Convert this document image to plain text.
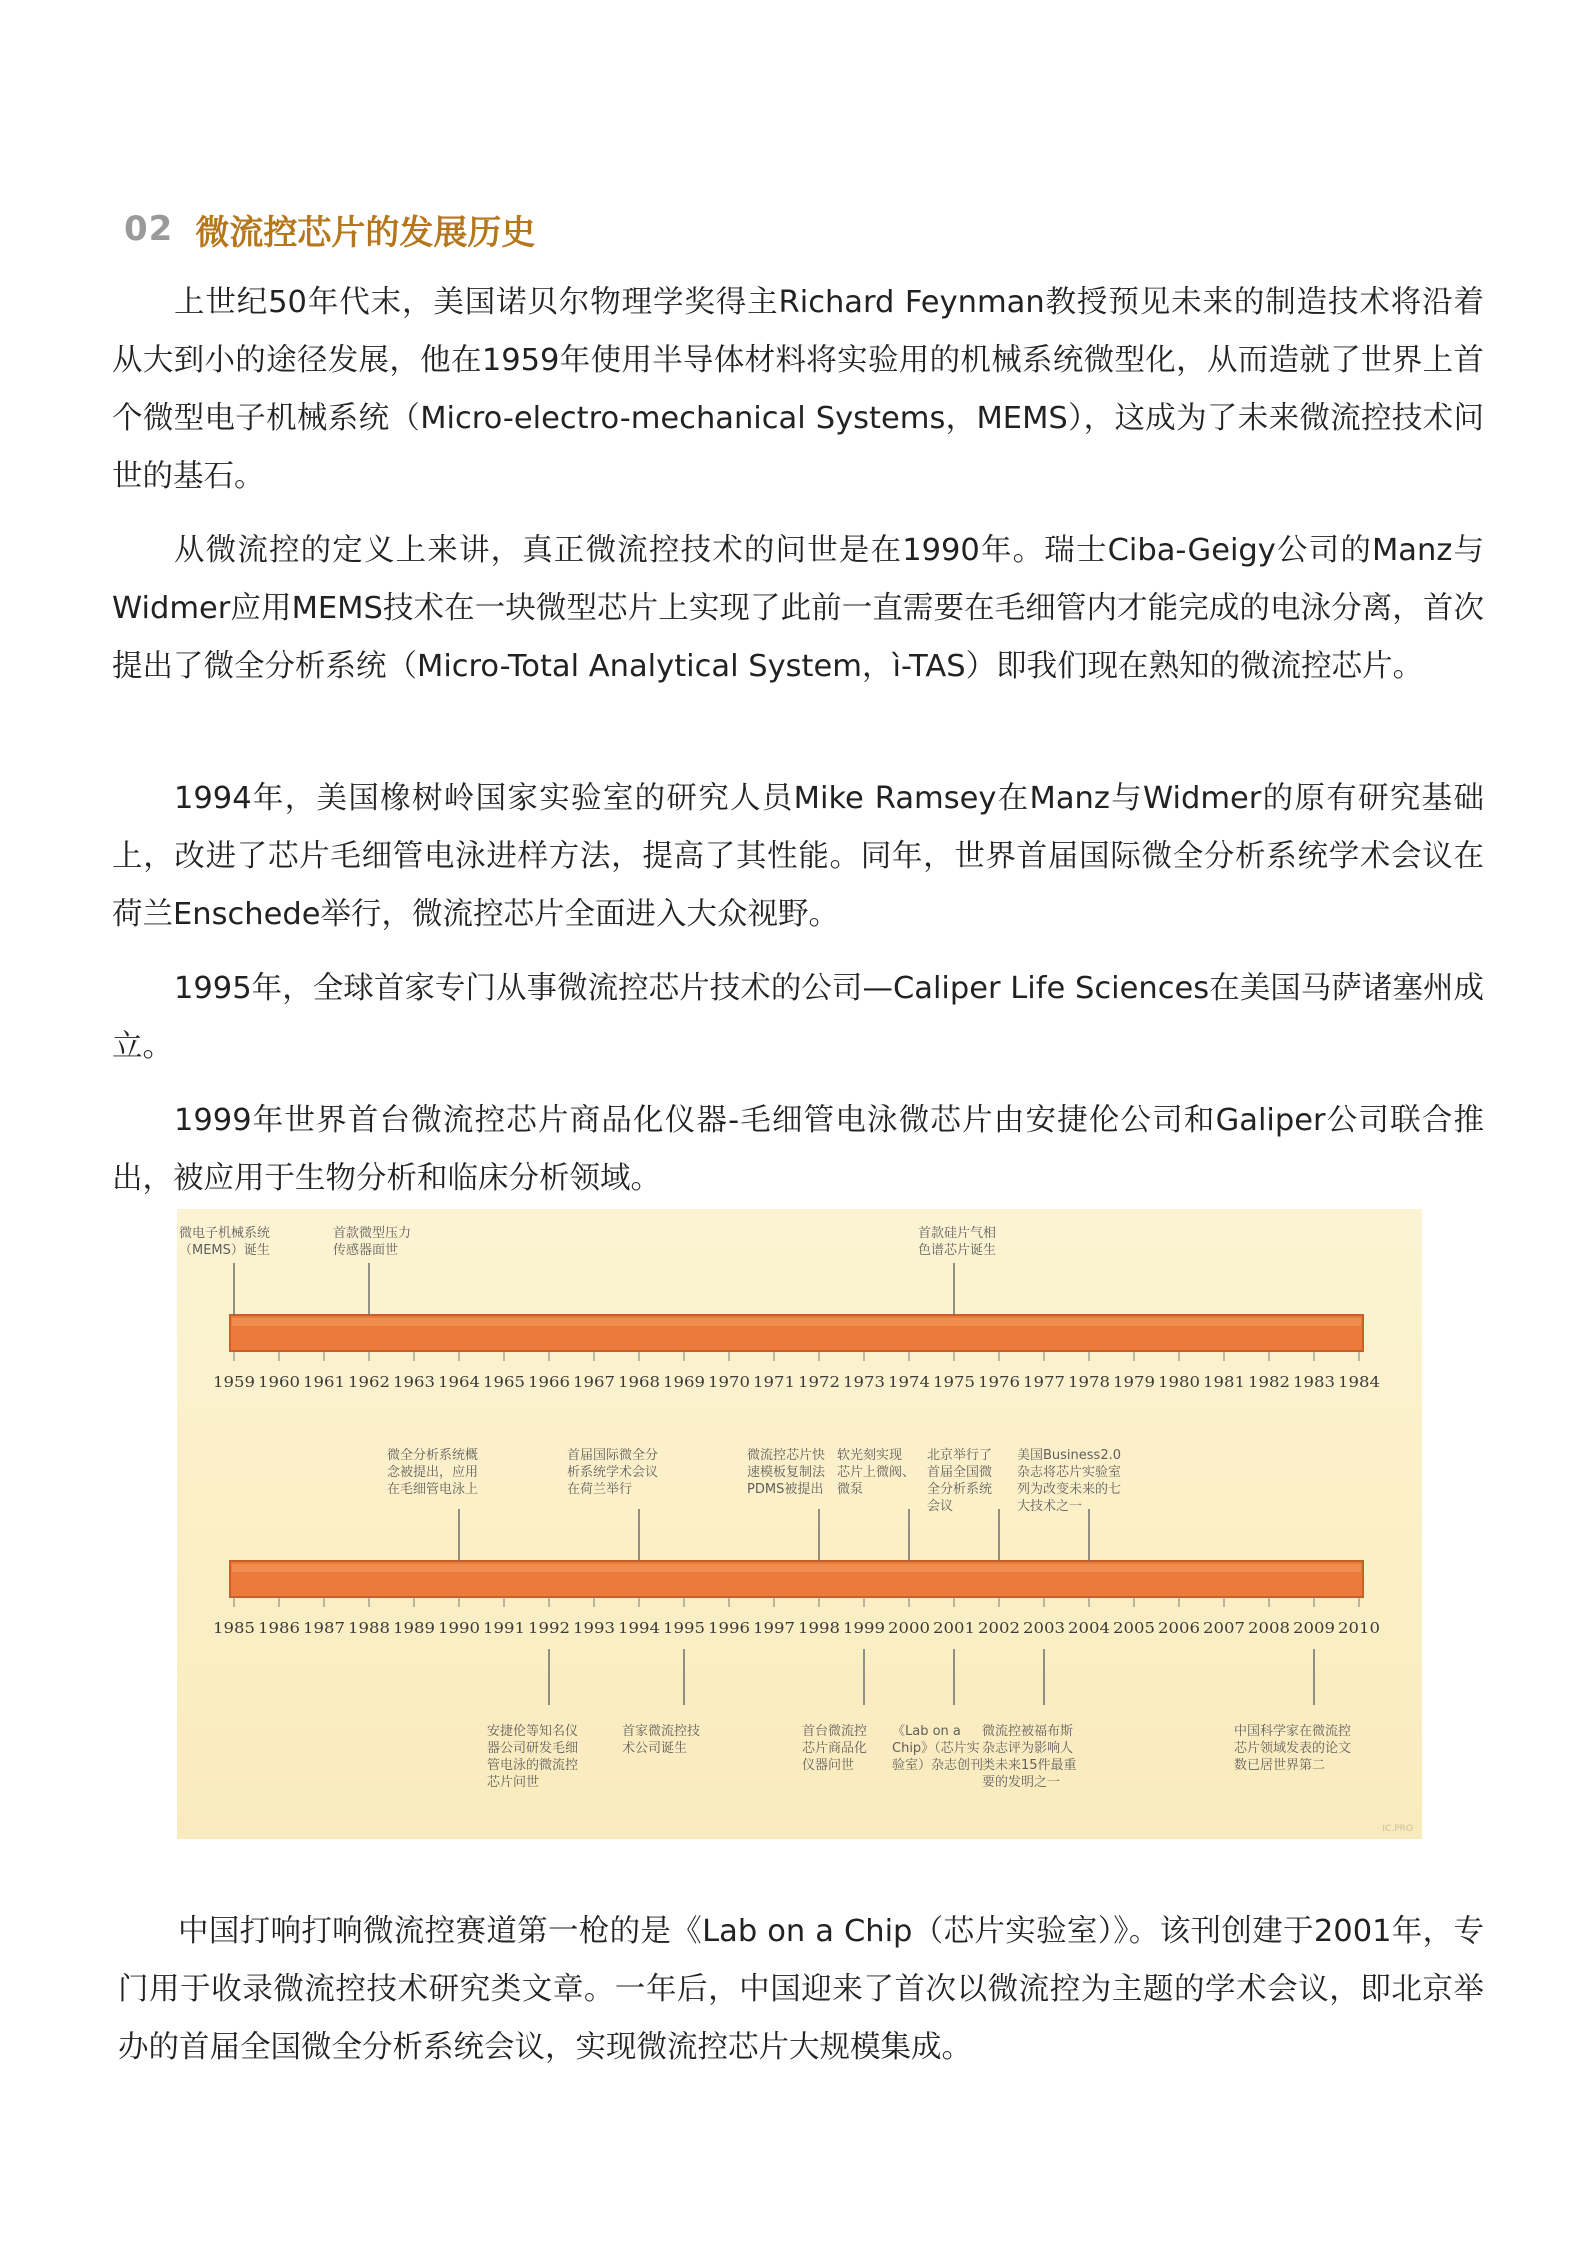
02 微流控芯片的发展历史

上世纪50年代末，美国诺贝尔物理学奖得主Richard Feynman教授预见未来的制造技术将沿着从大到小的途径发展，他在1959年使用半导体材料将实验用的机械系统微型化，从而造就了世界上首个微型电子机械系统（Micro-electro-mechanical Systems，MEMS），这成为了未来微流控技术问世的基石。

从微流控的定义上来讲，真正微流控技术的问世是在1990年。瑞士Ciba-Geigy公司的Manz与Widmer应用MEMS技术在一块微型芯片上实现了此前一直需要在毛细管内才能完成的电泳分离，首次提出了微全分析系统（Micro-Total Analytical System，ì-TAS）即我们现在熟知的微流控芯片。

1994年，美国橡树岭国家实验室的研究人员Mike Ramsey在Manz与Widmer的原有研究基础上，改进了芯片毛细管电泳进样方法，提高了其性能。同年，世界首届国际微全分析系统学术会议在荷兰Enschede举行，微流控芯片全面进入大众视野。

1995年，全球首家专门从事微流控芯片技术的公司—Caliper Life Sciences在美国马萨诸塞州成立。

1999年世界首台微流控芯片商品化仪器-毛细管电泳微芯片由安捷伦公司和Galiper公司联合推出，被应用于生物分析和临床分析领域。

1959 1960 1961 1962 1963 1964 1965 1966 1967 1968 1969 1970 1971 1972 1973 1974 1975 1976 1977 1978 1979 1980 1981 1982 1983 1984
微电子机械系统
（MEMS）诞生
首款微型压力
传感器面世
首款硅片气相
色谱芯片诞生
1985 1986 1987 1988 1989 1990 1991 1992 1993 1994 1995 1996 1997 1998 1999 2000 2001 2002 2003 2004 2005 2006 2007 2008 2009 2010
微全分析系统概
念被提出，应用
在毛细管电泳上
首届国际微全分
析系统学术会议
在荷兰举行
微流控芯片快
速模板复制法
PDMS被提出
软光刻实现
芯片上微阀、
微泵
北京举行了
首届全国微
全分析系统
会议
美国Business2.0
杂志将芯片实验室
列为改变未来的七
大技术之一
安捷伦等知名仪
器公司研发毛细
管电泳的微流控
芯片问世
首家微流控技
术公司诞生
首台微流控
芯片商品化
仪器问世
《Lab on a
Chip》（芯片实
验室）杂志创刊
微流控被福布斯
杂志评为影响人
类未来15件最重
要的发明之一
中国科学家在微流控
芯片领域发表的论文
数已居世界第二
IC.PRO

中国打响打响微流控赛道第一枪的是《Lab on a Chip（芯片实验室）》。该刊创建于2001年，专门用于收录微流控技术研究类文章。一年后，中国迎来了首次以微流控为主题的学术会议，即北京举办的首届全国微全分析系统会议，实现微流控芯片大规模集成。
